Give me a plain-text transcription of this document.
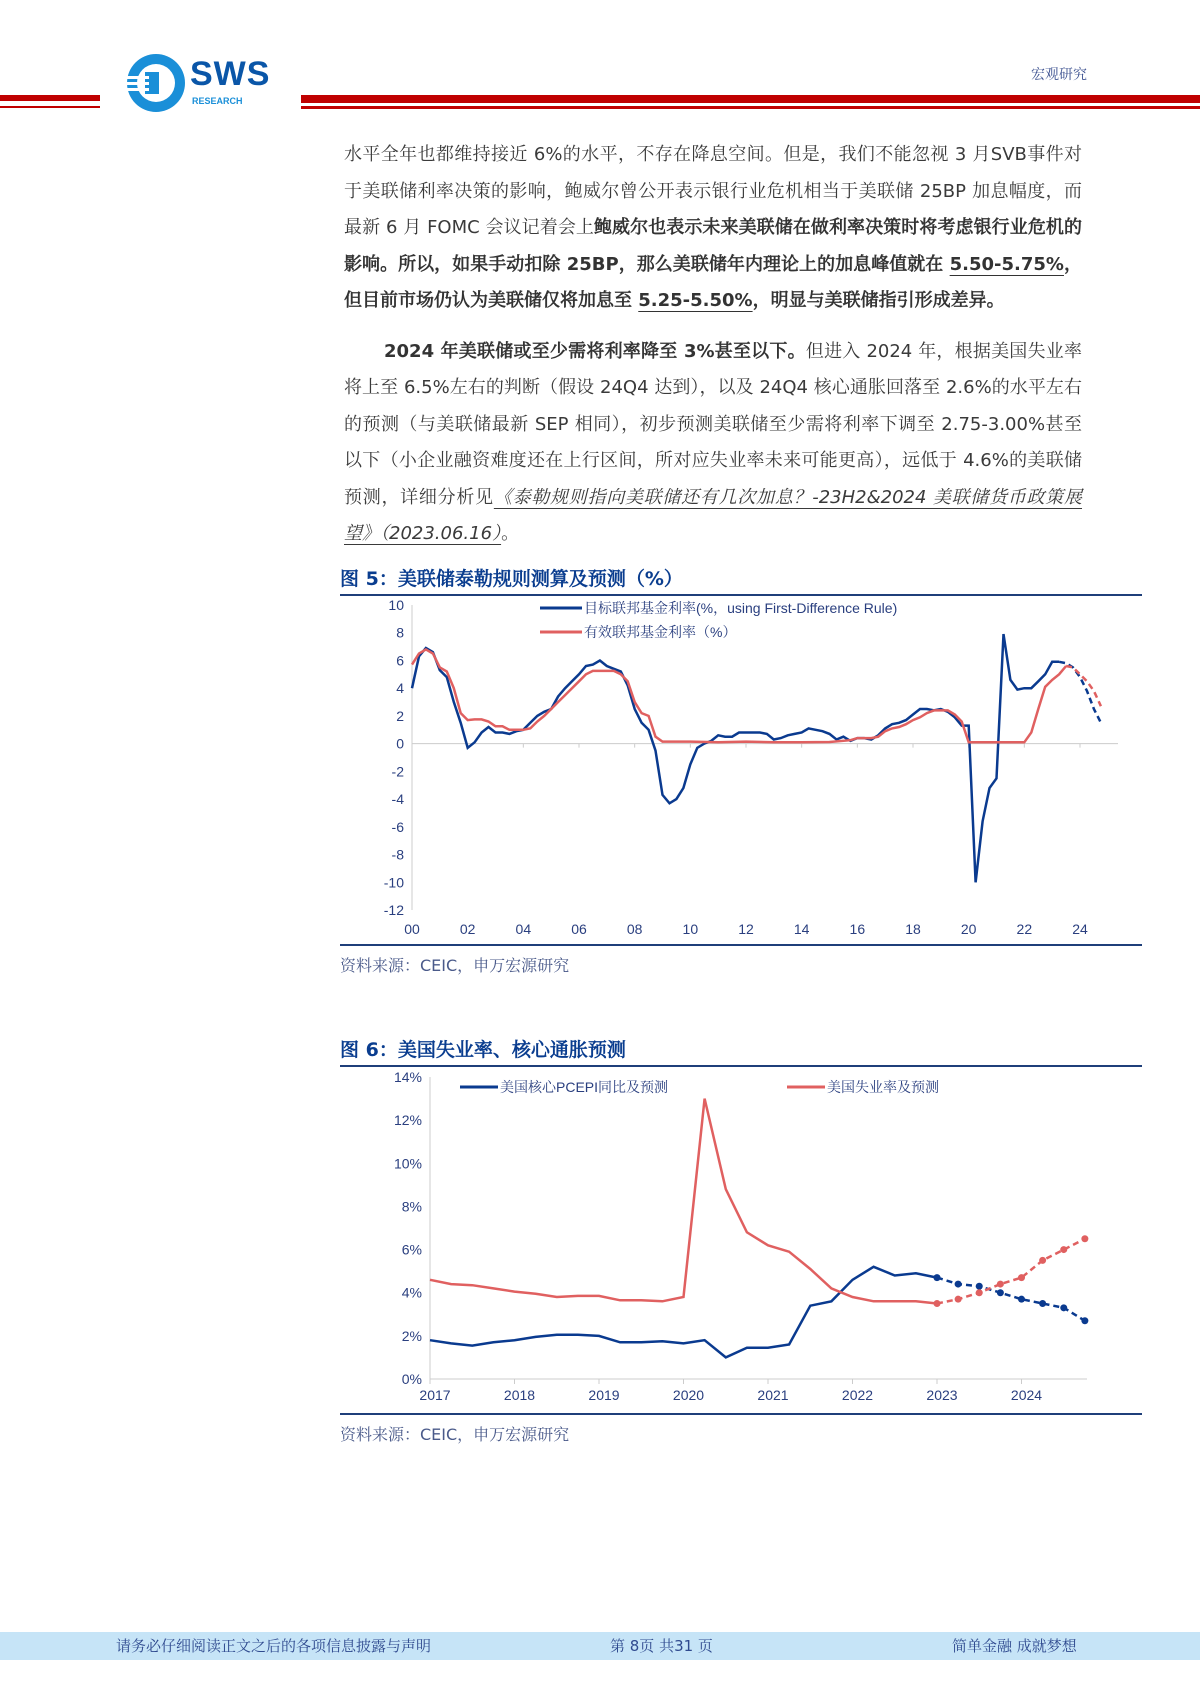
SWS
RESEARCH
宏观研究
水平全年也都维持接近 6%的水平，不存在降息空间。但是，我们不能忽视 3 月SVB事件对于美联储利率决策的影响，鲍威尔曾公开表示银行业危机相当于美联储 25BP 加息幅度，而最新 6 月 FOMC 会议记着会上鲍威尔也表示未来美联储在做利率决策时将考虑银行业危机的影响。所以，如果手动扣除 25BP，那么美联储年内理论上的加息峰值就在 5.50-5.75%，但目前市场仍认为美联储仅将加息至 5.25-5.50%，明显与美联储指引形成差异。
2024 年美联储或至少需将利率降至 3%甚至以下。但进入 2024 年，根据美国失业率将上至 6.5%左右的判断（假设 24Q4 达到），以及 24Q4 核心通胀回落至 2.6%的水平左右的预测（与美联储最新 SEP 相同），初步预测美联储至少需将利率下调至 2.75-3.00%甚至以下（小企业融资难度还在上行区间，所对应失业率未来可能更高），远低于 4.6%的美联储预测，详细分析见《泰勒规则指向美联储还有几次加息？-23H2&2024 美联储货币政策展望》（2023.06.16）。
图 5：美联储泰勒规则测算及预测（%）
10
8
6
4
2
0
-2
-4
-6
-8
-10
-12
00	02	04	06	08	10	12	14	16	18	20	22	24
目标联邦基金利率(%，using First-Difference Rule)
有效联邦基金利率（%）
资料来源：CEIC，申万宏源研究
图 6：美国失业率、核心通胀预测
14%
12%
10%
8%
6%
4%
2%
0%
2017	2018	2019	2020	2021	2022	2023	2024
美国核心PCEPI同比及预测	美国失业率及预测
资料来源：CEIC，申万宏源研究
请务必仔细阅读正文之后的各项信息披露与声明	第 8页 共31 页	简单金融 成就梦想
